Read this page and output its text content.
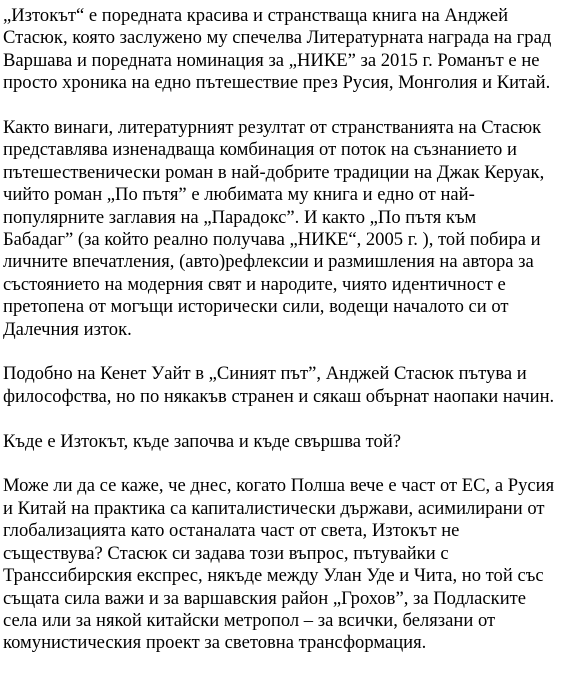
„Изтокът“ е поредната красива и странстваща книга на Анджей
Стасюк, която заслужено му спечелва Литературната награда на град
Варшава и поредната номинация за „НИКЕ” за 2015 г. Романът е не
просто хроника на едно пътешествие през Русия, Монголия и Китай.

Както винаги, литературният резултат от странстванията на Стасюк
представлява изненадваща комбинация от поток на съзнанието и
пътешественически роман в най-добрите традиции на Джак Керуак,
чийто роман „По пътя” е любимата му книга и едно от най-
популярните заглавия на „Парадокс”. И както „По пътя към
Бабадаг” (за който реално получава „НИКЕ“, 2005 г. ), той побира и
личните впечатления, (авто)рефлексии и размишления на автора за
състоянието на модерния свят и народите, чиято идентичност е
претопена от могъщи исторически сили, водещи началото си от
Далечния изток.

Подобно на Кенет Уайт в „Синият път”, Анджей Стасюк пътува и
философства, но по някакъв странен и сякаш обърнат наопаки начин.

Къде е Изтокът, къде започва и къде свършва той?

Може ли да се каже, че днес, когато Полша вече е част от ЕС, а Русия
и Китай на практика са капиталистически държави, асимилирани от
глобализацията като останалата част от света, Изтокът не
съществува? Стасюк си задава този въпрос, пътувайки с
Транссибирския експрес, някъде между Улан Уде и Чита, но той със
същата сила важи и за варшавския район „Грохов”, за Подласките
села или за някой китайски метропол – за всички, белязани от
комунистическия проект за световна трансформация.
